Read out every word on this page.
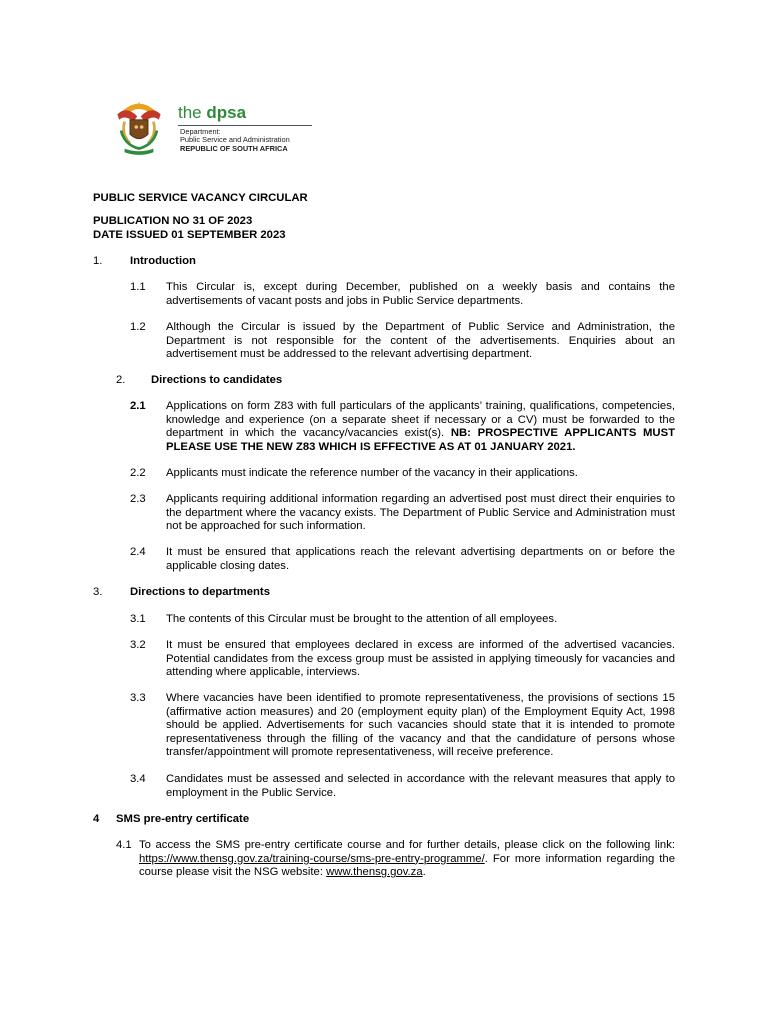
the dpsa
Department:
Public Service and Administration
REPUBLIC OF SOUTH AFRICA
PUBLIC SERVICE VACANCY CIRCULAR
PUBLICATION NO 31 OF 2023
DATE ISSUED 01 SEPTEMBER 2023
1. Introduction
1.1 This Circular is, except during December, published on a weekly basis and contains the advertisements of vacant posts and jobs in Public Service departments.
1.2 Although the Circular is issued by the Department of Public Service and Administration, the Department is not responsible for the content of the advertisements. Enquiries about an advertisement must be addressed to the relevant advertising department.
2. Directions to candidates
2.1 Applications on form Z83 with full particulars of the applicants’ training, qualifications, competencies, knowledge and experience (on a separate sheet if necessary or a CV) must be forwarded to the department in which the vacancy/vacancies exist(s). NB: PROSPECTIVE APPLICANTS MUST PLEASE USE THE NEW Z83 WHICH IS EFFECTIVE AS AT 01 JANUARY 2021.
2.2 Applicants must indicate the reference number of the vacancy in their applications.
2.3 Applicants requiring additional information regarding an advertised post must direct their enquiries to the department where the vacancy exists. The Department of Public Service and Administration must not be approached for such information.
2.4 It must be ensured that applications reach the relevant advertising departments on or before the applicable closing dates.
3. Directions to departments
3.1 The contents of this Circular must be brought to the attention of all employees.
3.2 It must be ensured that employees declared in excess are informed of the advertised vacancies. Potential candidates from the excess group must be assisted in applying timeously for vacancies and attending where applicable, interviews.
3.3 Where vacancies have been identified to promote representativeness, the provisions of sections 15 (affirmative action measures) and 20 (employment equity plan) of the Employment Equity Act, 1998 should be applied. Advertisements for such vacancies should state that it is intended to promote representativeness through the filling of the vacancy and that the candidature of persons whose transfer/appointment will promote representativeness, will receive preference.
3.4 Candidates must be assessed and selected in accordance with the relevant measures that apply to employment in the Public Service.
4 SMS pre-entry certificate
4.1 To access the SMS pre-entry certificate course and for further details, please click on the following link: https://www.thensg.gov.za/training-course/sms-pre-entry-programme/. For more information regarding the course please visit the NSG website: www.thensg.gov.za.
